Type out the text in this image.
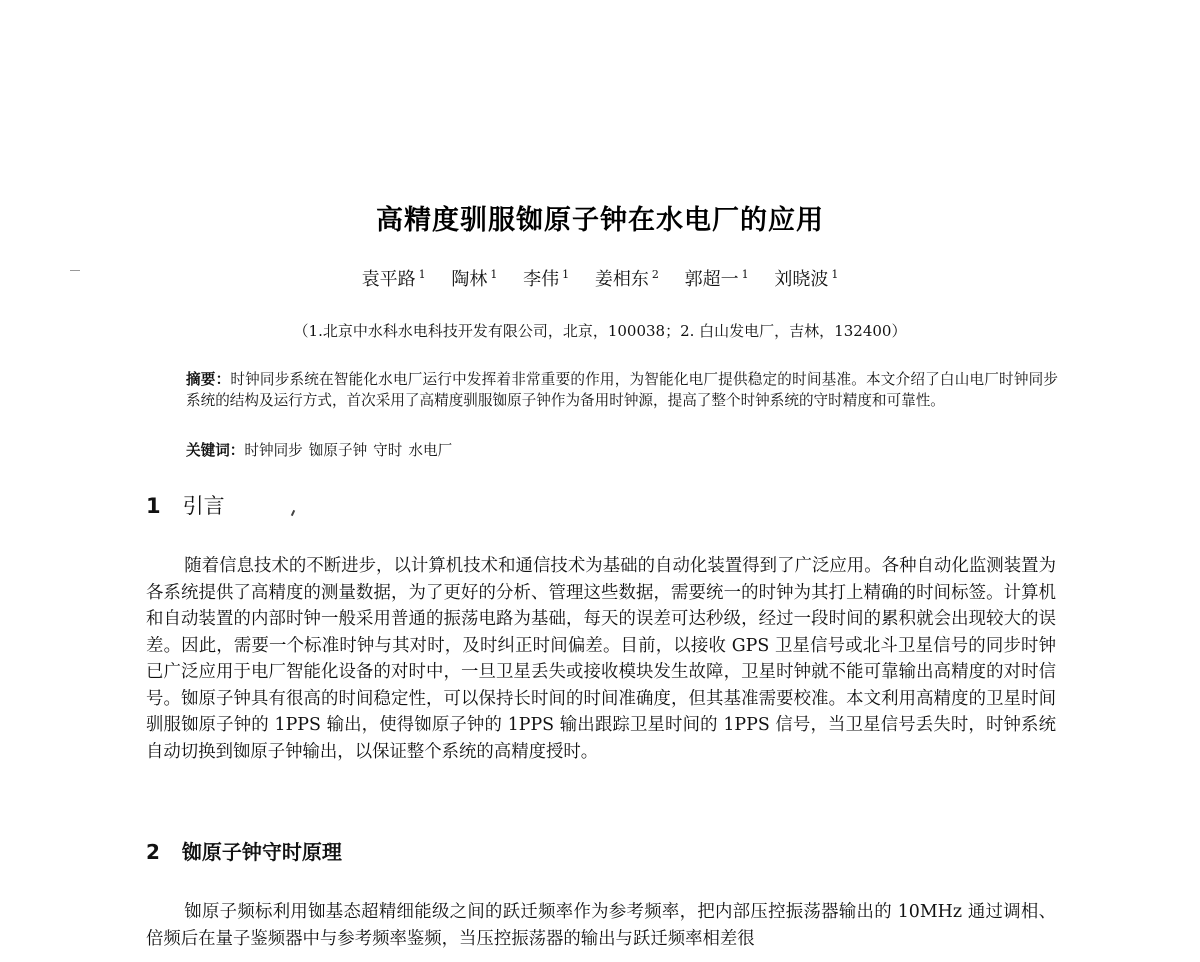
高精度驯服铷原子钟在水电厂的应用
袁平路 $^1$ 陶林 $^1$ 李伟 $^1$ 姜相东 $^2$ 郭超一 $^1$ 刘晓波 $^1$
（1.北京中水科水电科技开发有限公司，北京，100038；2. 白山发电厂，吉林，132400）
摘要：时钟同步系统在智能化水电厂运行中发挥着非常重要的作用，为智能化电厂提供稳定的时间基准。本文介绍了白山电厂时钟同步系统的结构及运行方式，首次采用了高精度驯服铷原子钟作为备用时钟源，提高了整个时钟系统的守时精度和可靠性。
关键词：时钟同步 铷原子钟 守时 水电厂
1 引言
随着信息技术的不断进步，以计算机技术和通信技术为基础的自动化装置得到了广泛应用。各种自动化监测装置为各系统提供了高精度的测量数据，为了更好的分析、管理这些数据，需要统一的时钟为其打上精确的时间标签。计算机和自动装置的内部时钟一般采用普通的振荡电路为基础，每天的误差可达秒级，经过一段时间的累积就会出现较大的误差。因此，需要一个标准时钟与其对时，及时纠正时间偏差。目前，以接收 GPS 卫星信号或北斗卫星信号的同步时钟已广泛应用于电厂智能化设备的对时中，一旦卫星丢失或接收模块发生故障，卫星时钟就不能可靠输出高精度的对时信号。铷原子钟具有很高的时间稳定性，可以保持长时间的时间准确度，但其基准需要校准。本文利用高精度的卫星时间驯服铷原子钟的 1PPS 输出，使得铷原子钟的 1PPS 输出跟踪卫星时间的 1PPS 信号，当卫星信号丢失时，时钟系统自动切换到铷原子钟输出，以保证整个系统的高精度授时。
2 铷原子钟守时原理
铷原子频标利用铷基态超精细能级之间的跃迁频率作为参考频率，把内部压控振荡器输出的 10MHz 通过调相、倍频后在量子鉴频器中与参考频率鉴频，当压控振荡器的输出与跃迁频率相差很
